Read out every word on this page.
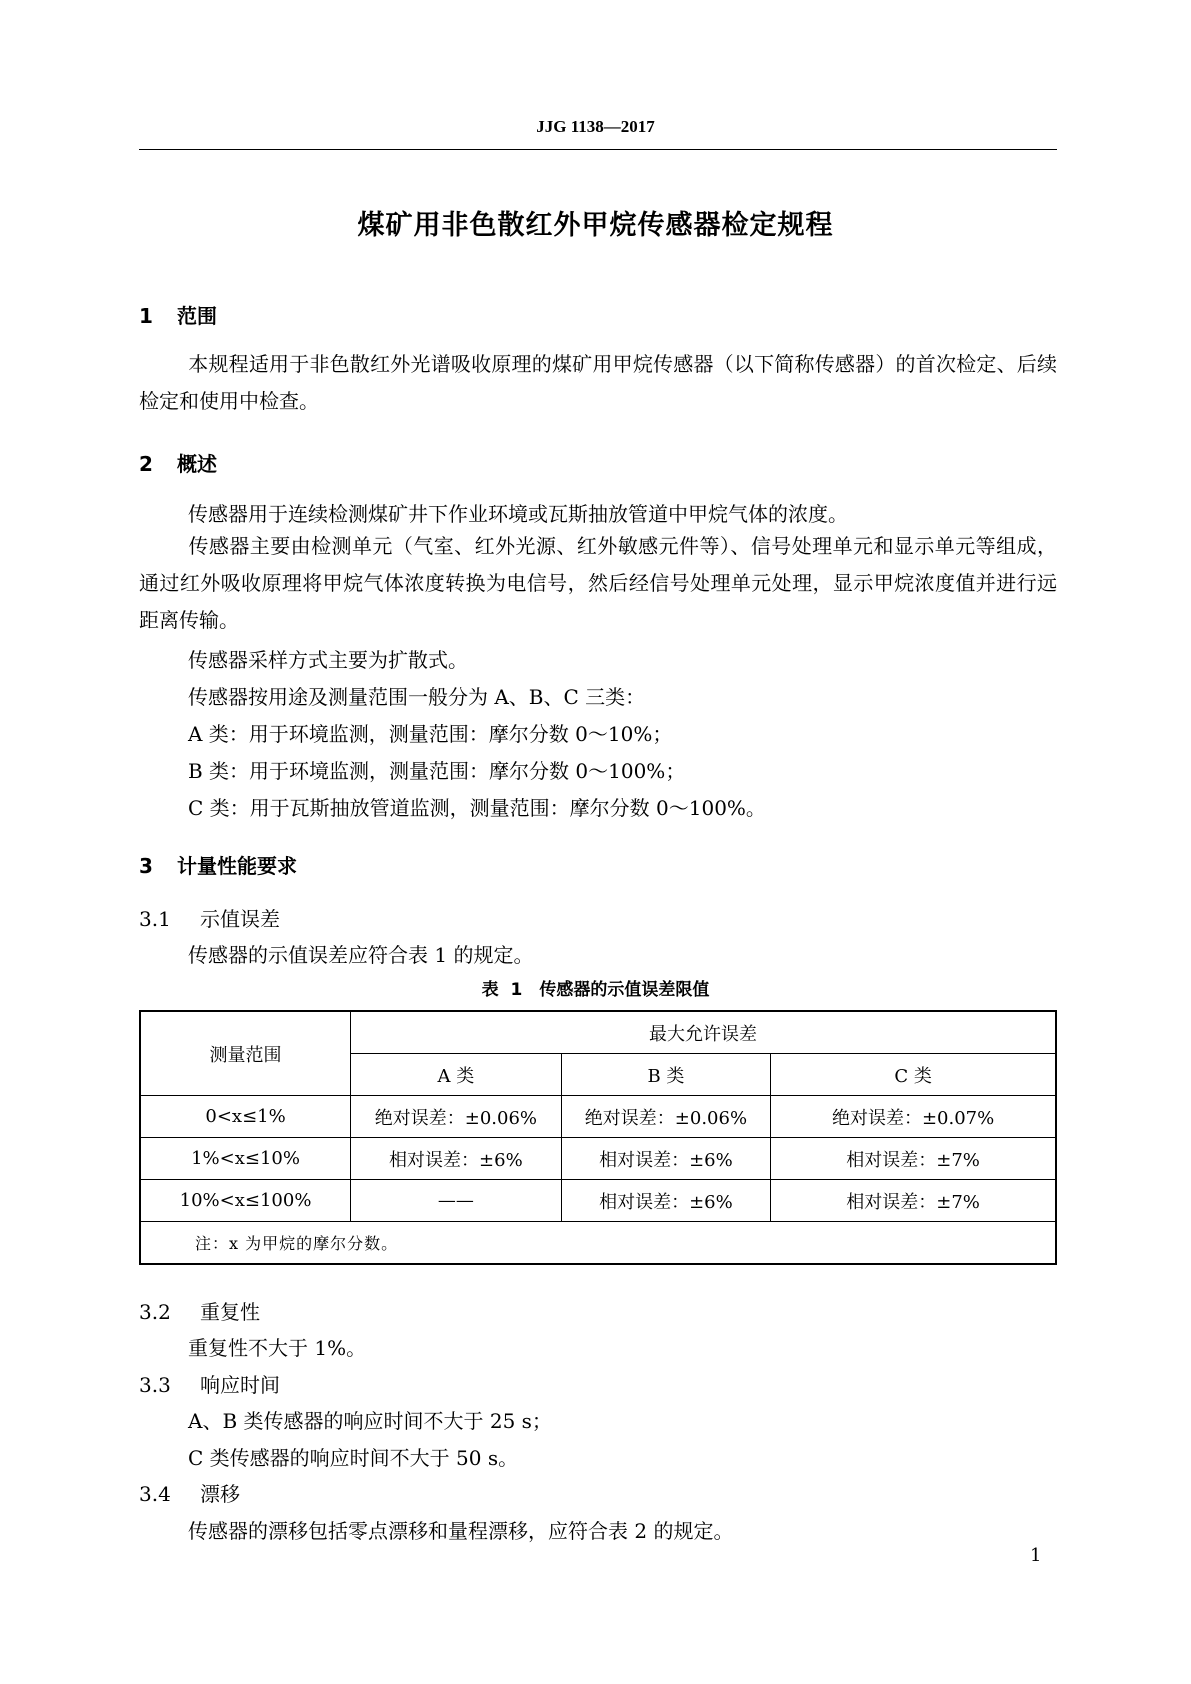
JJG 1138—2017
煤矿用非色散红外甲烷传感器检定规程
1 范围
本规程适用于非色散红外光谱吸收原理的煤矿用甲烷传感器（以下简称传感器）的首次检定、后续检定和使用中检查。
2 概述
传感器用于连续检测煤矿井下作业环境或瓦斯抽放管道中甲烷气体的浓度。
传感器主要由检测单元（气室、红外光源、红外敏感元件等）、信号处理单元和显示单元等组成，通过红外吸收原理将甲烷气体浓度转换为电信号，然后经信号处理单元处理，显示甲烷浓度值并进行远距离传输。
传感器采样方式主要为扩散式。
传感器按用途及测量范围一般分为 A、B、C 三类：
A 类：用于环境监测，测量范围：摩尔分数 0～10%；
B 类：用于环境监测，测量范围：摩尔分数 0～100%；
C 类：用于瓦斯抽放管道监测，测量范围：摩尔分数 0～100%。
3 计量性能要求
3.1 示值误差
传感器的示值误差应符合表 1 的规定。
表 1　传感器的示值误差限值
测量范围	最大允许误差		
	A 类	B 类	C 类
0<x≤1%	绝对误差：±0.06%	绝对误差：±0.06%	绝对误差：±0.07%
1%<x≤10%	相对误差：±6%	相对误差：±6%	相对误差：±7%
10%<x≤100%	——	相对误差：±6%	相对误差：±7%
注：x 为甲烷的摩尔分数。			
3.2 重复性
重复性不大于 1%。
3.3 响应时间
A、B 类传感器的响应时间不大于 25 s；
C 类传感器的响应时间不大于 50 s。
3.4 漂移
传感器的漂移包括零点漂移和量程漂移，应符合表 2 的规定。
1
